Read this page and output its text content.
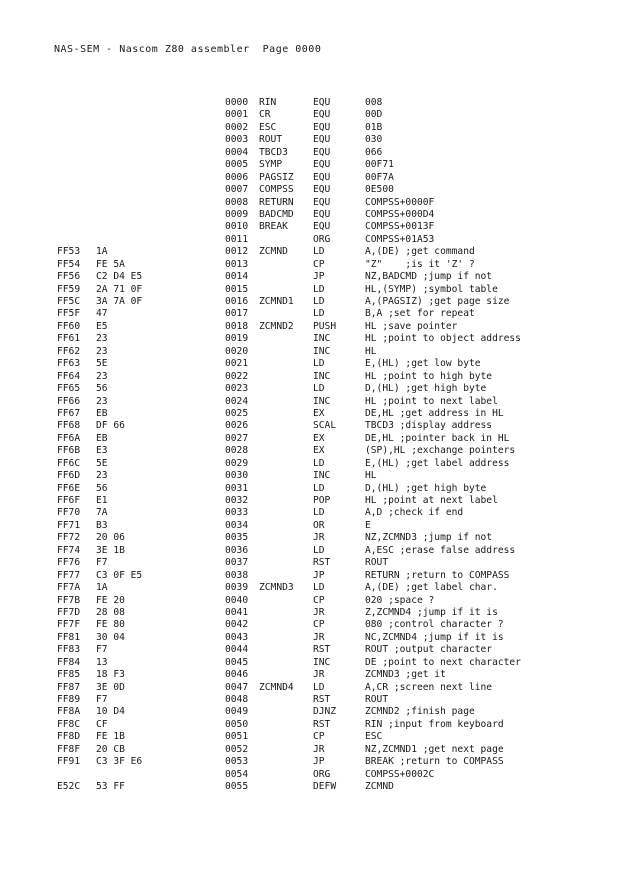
NAS-SEM - Nascom Z80 assembler  Page 0000
0000 RIN	EQU	008
0001 CR	EQU	00D
0002 ESC	EQU	01B
0003 ROUT	EQU	030
0004 TBCD3	EQU	066
0005 SYMP	EQU	00F71
0006 PAGSIZ EQU	00F7A
0007 COMPSS EQU	0E500
0008 RETURN EQU	COMPSS+0000F
0009 BADCMD EQU	COMPSS+000D4
0010 BREAK	EQU	COMPSS+0013F
0011	ORG	COMPSS+01A53
FF53 1A	0012 ZCMND	LD	A,(DE) ;get command
FF54 FE 5A	0013	CP	"Z"    ;is it 'Z' ?
FF56 C2 D4 E5	0014	JP	NZ,BADCMD ;jump if not
FF59 2A 71 0F	0015	LD	HL,(SYMP) ;symbol table
FF5C 3A 7A 0F	0016 ZCMND1 LD	A,(PAGSIZ) ;get page size
FF5F 47	0017	LD	B,A ;set for repeat
FF60 E5	0018 ZCMND2 PUSH	HL ;save pointer
FF61 23	0019	INC	HL ;point to object address
FF62 23	0020	INC	HL
FF63 5E	0021	LD	E,(HL) ;get low byte
FF64 23	0022	INC	HL ;point to high byte
FF65 56	0023	LD	D,(HL) ;get high byte
FF66 23	0024	INC	HL ;point to next label
FF67 EB	0025	EX	DE,HL ;get address in HL
FF68 DF 66	0026	SCAL	TBCD3 ;display address
FF6A EB	0027	EX	DE,HL ;pointer back in HL
FF6B E3	0028	EX	(SP),HL ;exchange pointers
FF6C 5E	0029	LD	E,(HL) ;get label address
FF6D 23	0030	INC	HL
FF6E 56	0031	LD	D,(HL) ;get high byte
FF6F E1	0032	POP	HL ;point at next label
FF70 7A	0033	LD	A,D ;check if end
FF71 B3	0034	OR	E
FF72 20 06	0035	JR	NZ,ZCMND3 ;jump if not
FF74 3E 1B	0036	LD	A,ESC ;erase false address
FF76 F7	0037	RST	ROUT
FF77 C3 0F E5	0038	JP	RETURN ;return to COMPASS
FF7A 1A	0039 ZCMND3 LD	A,(DE) ;get label char.
FF7B FE 20	0040	CP	020 ;space ?
FF7D 28 08	0041	JR	Z,ZCMND4 ;jump if it is
FF7F FE 80	0042	CP	080 ;control character ?
FF81 30 04	0043	JR	NC,ZCMND4 ;jump if it is
FF83 F7	0044	RST	ROUT ;output character
FF84 13	0045	INC	DE ;point to next character
FF85 18 F3	0046	JR	ZCMND3 ;get it
FF87 3E 0D	0047 ZCMND4 LD	A,CR ;screen next line
FF89 F7	0048	RST	ROUT
FF8A 10 D4	0049	DJNZ	ZCMND2 ;finish page
FF8C CF	0050	RST	RIN ;input from keyboard
FF8D FE 1B	0051	CP	ESC
FF8F 20 CB	0052	JR	NZ,ZCMND1 ;get next page
FF91 C3 3F E6	0053	JP	BREAK ;return to COMPASS
0054	ORG	COMPSS+0002C
E52C 53 FF	0055	DEFW	ZCMND
